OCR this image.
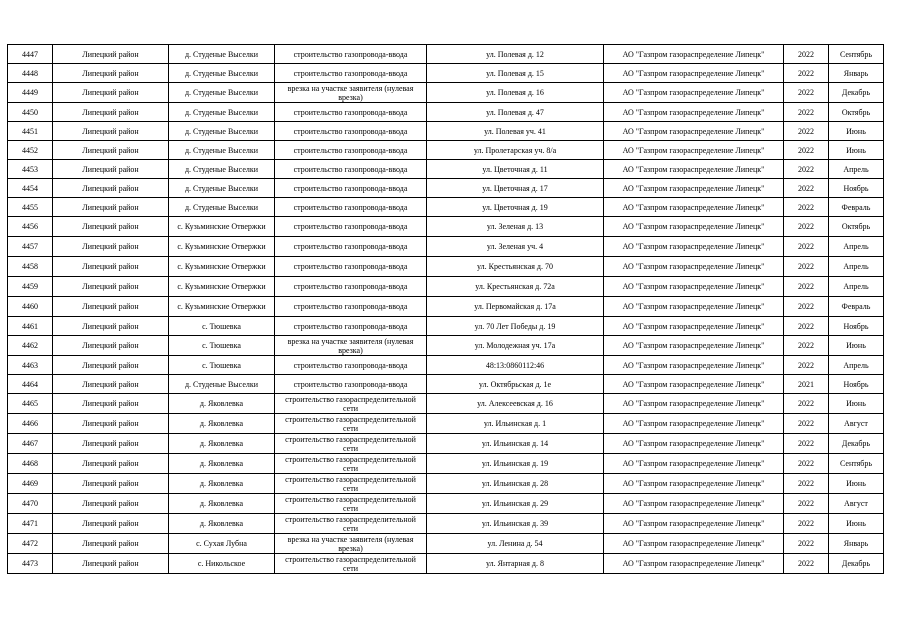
4447	Липецкий район	д. Студеные Выселки	строительство газопровода-ввода	ул. Полевая д. 12	АО "Газпром газораспределение Липецк"	2022	Сентябрь
4448	Липецкий район	д. Студеные Выселки	строительство газопровода-ввода	ул. Полевая д. 15	АО "Газпром газораспределение Липецк"	2022	Январь
4449	Липецкий район	д. Студеные Выселки	врезка на участке заявителя (нулевая врезка)	ул. Полевая д. 16	АО "Газпром газораспределение Липецк"	2022	Декабрь
4450	Липецкий район	д. Студеные Выселки	строительство газопровода-ввода	ул. Полевая д. 47	АО "Газпром газораспределение Липецк"	2022	Октябрь
4451	Липецкий район	д. Студеные Выселки	строительство газопровода-ввода	ул. Полевая уч. 41	АО "Газпром газораспределение Липецк"	2022	Июнь
4452	Липецкий район	д. Студеные Выселки	строительство газопровода-ввода	ул. Пролетарская уч. 8/а	АО "Газпром газораспределение Липецк"	2022	Июнь
4453	Липецкий район	д. Студеные Выселки	строительство газопровода-ввода	ул. Цветочная д. 11	АО "Газпром газораспределение Липецк"	2022	Апрель
4454	Липецкий район	д. Студеные Выселки	строительство газопровода-ввода	ул. Цветочная д. 17	АО "Газпром газораспределение Липецк"	2022	Ноябрь
4455	Липецкий район	д. Студеные Выселки	строительство газопровода-ввода	ул. Цветочная д. 19	АО "Газпром газораспределение Липецк"	2022	Февраль
4456	Липецкий район	с. Кузьминские Отвержки	строительство газопровода-ввода	ул. Зеленая д. 13	АО "Газпром газораспределение Липецк"	2022	Октябрь
4457	Липецкий район	с. Кузьминские Отвержки	строительство газопровода-ввода	ул. Зеленая уч. 4	АО "Газпром газораспределение Липецк"	2022	Апрель
4458	Липецкий район	с. Кузьминские Отвержки	строительство газопровода-ввода	ул. Крестьянская д. 70	АО "Газпром газораспределение Липецк"	2022	Апрель
4459	Липецкий район	с. Кузьминские Отвержки	строительство газопровода-ввода	ул. Крестьянская д. 72а	АО "Газпром газораспределение Липецк"	2022	Апрель
4460	Липецкий район	с. Кузьминские Отвержки	строительство газопровода-ввода	ул. Первомайская д. 17а	АО "Газпром газораспределение Липецк"	2022	Февраль
4461	Липецкий район	с. Тюшевка	строительство газопровода-ввода	ул. 70 Лет Победы д. 19	АО "Газпром газораспределение Липецк"	2022	Ноябрь
4462	Липецкий район	с. Тюшевка	врезка на участке заявителя (нулевая врезка)	ул. Молодежная уч. 17а	АО "Газпром газораспределение Липецк"	2022	Июнь
4463	Липецкий район	с. Тюшевка	строительство газопровода-ввода	48:13:0860112:46	АО "Газпром газораспределение Липецк"	2022	Апрель
4464	Липецкий район	д. Студеные Выселки	строительство газопровода-ввода	ул. Октябрьская д. 1е	АО "Газпром газораспределение Липецк"	2021	Ноябрь
4465	Липецкий район	д. Яковлевка	строительство газораспределительной сети	ул. Алексеевская д. 16	АО "Газпром газораспределение Липецк"	2022	Июнь
4466	Липецкий район	д. Яковлевка	строительство газораспределительной сети	ул. Ильинская д. 1	АО "Газпром газораспределение Липецк"	2022	Август
4467	Липецкий район	д. Яковлевка	строительство газораспределительной сети	ул. Ильинская д. 14	АО "Газпром газораспределение Липецк"	2022	Декабрь
4468	Липецкий район	д. Яковлевка	строительство газораспределительной сети	ул. Ильинская д. 19	АО "Газпром газораспределение Липецк"	2022	Сентябрь
4469	Липецкий район	д. Яковлевка	строительство газораспределительной сети	ул. Ильинская д. 28	АО "Газпром газораспределение Липецк"	2022	Июнь
4470	Липецкий район	д. Яковлевка	строительство газораспределительной сети	ул. Ильинская д. 29	АО "Газпром газораспределение Липецк"	2022	Август
4471	Липецкий район	д. Яковлевка	строительство газораспределительной сети	ул. Ильинская д. 39	АО "Газпром газораспределение Липецк"	2022	Июнь
4472	Липецкий район	с. Сухая Лубна	врезка на участке заявителя (нулевая врезка)	ул. Ленина д. 54	АО "Газпром газораспределение Липецк"	2022	Январь
4473	Липецкий район	с. Никольское	строительство газораспределительной сети	ул. Янтарная д. 8	АО "Газпром газораспределение Липецк"	2022	Декабрь
